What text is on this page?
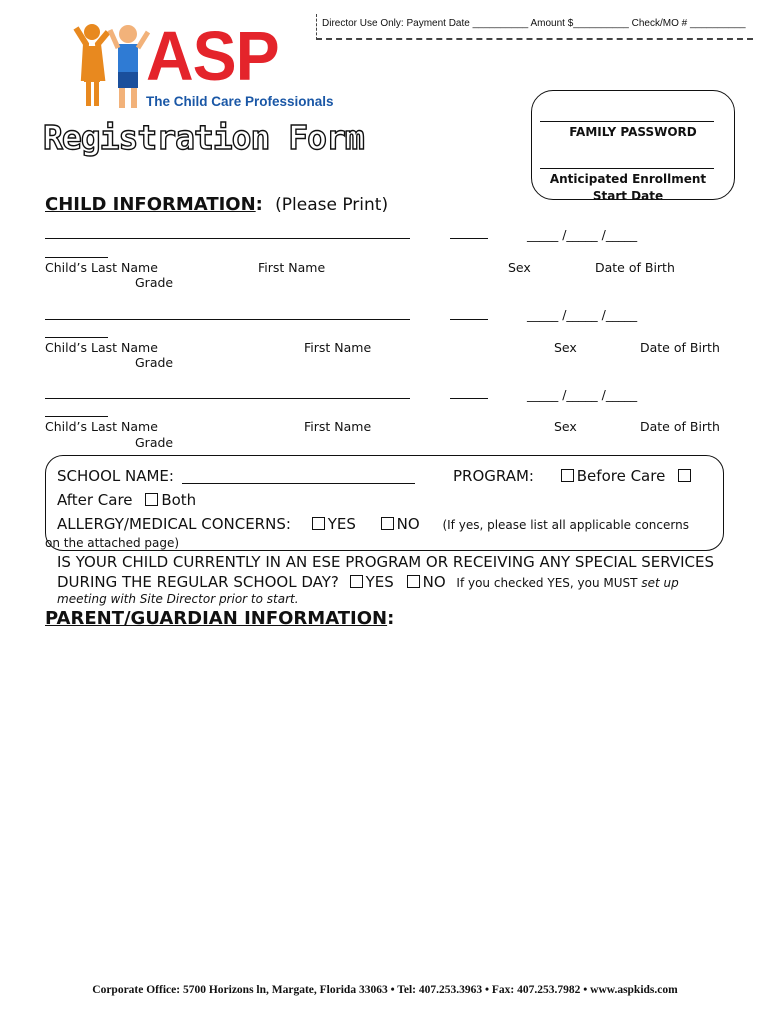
Director Use Only: Payment Date __________ Amount $__________ Check/MO # __________
ASP
The Child Care Professionals
Registration Form	FAMILY PASSWORD
Anticipated Enrollment Start Date
CHILD INFORMATION: (Please Print)
_____ /_____ /_____
Child’s Last Name	First Name	Sex	Date of Birth
Grade
_____ /_____ /_____
Child’s Last Name	First Name	Sex	Date of Birth
Grade
_____ /_____ /_____
Child’s Last Name	First Name	Sex	Date of Birth
Grade
SCHOOL NAME:	PROGRAM:	Before Care
After Care Both
ALLERGY/MEDICAL CONCERNS: YES	NO (If yes, please list all applicable concerns
on the attached page)
IS YOUR CHILD CURRENTLY IN AN ESE PROGRAM OR RECEIVING ANY SPECIAL SERVICES
DURING THE REGULAR SCHOOL DAY? YES NO If you checked YES, you MUST set up
meeting with Site Director prior to start.
PARENT/GUARDIAN INFORMATION:
Corporate Office: 5700 Horizons ln, Margate, Florida 33063 • Tel: 407.253.3963 • Fax: 407.253.7982 • www.aspkids.com
